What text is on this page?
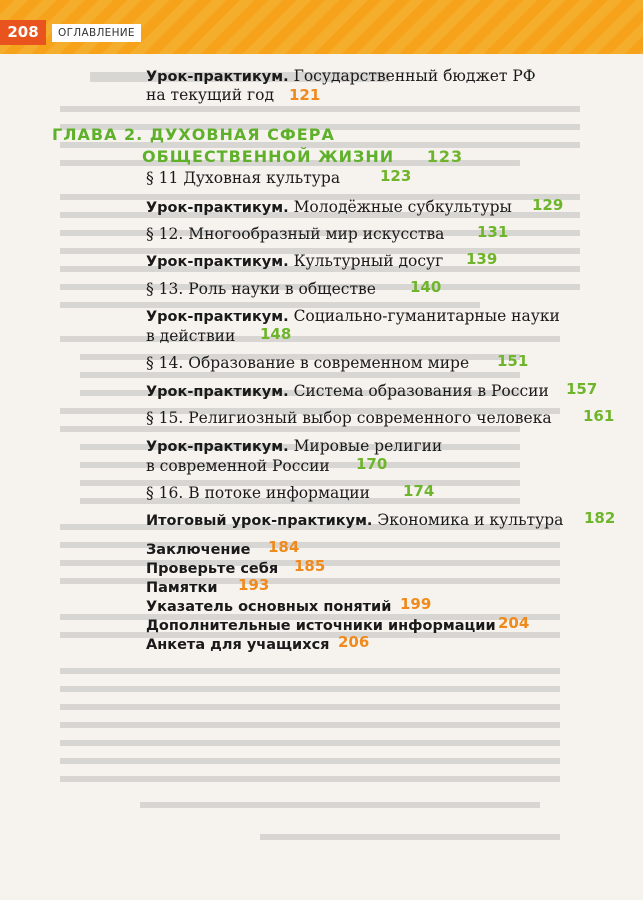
208	ОГЛАВЛЕНИЕ
Урок-практикум. Государственный бюджет РФ
на текущий год 121
ГЛАВА 2. ДУХОВНАЯ СФЕРА
ОБЩЕСТВЕННОЙ ЖИЗНИ 123
§ 11 Духовная культура	123
Урок-практикум. Молодёжные субкультуры 129
§ 12. Многообразный мир искусства 131
Урок-практикум. Культурный досуг 139
§ 13. Роль науки в обществе 140
Урок-практикум. Социально-гуманитарные науки
в действии 148
§ 14. Образование в современном мире 151
Урок-практикум. Система образования в России 157
§ 15. Религиозный выбор современного человека 161
Урок-практикум. Мировые религии
в современной России 170
§ 16. В потоке информации 174
Итоговый урок-практикум. Экономика и культура 182
Заключение 184
Проверьте себя 185
Памятки 193
Указатель основных понятий 199
Дополнительные источники информации 204
Анкета для учащихся 206
